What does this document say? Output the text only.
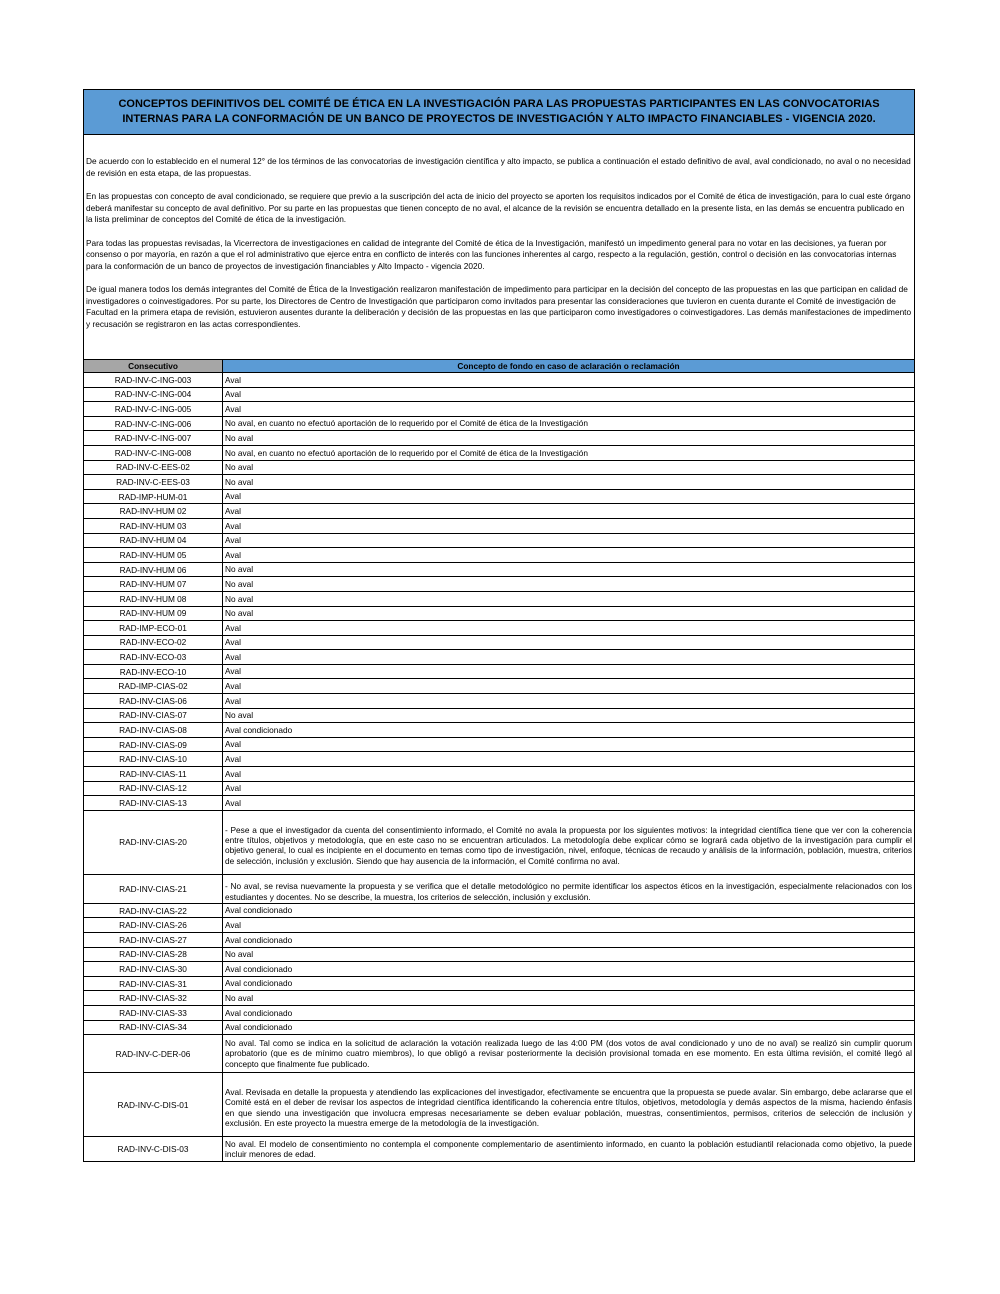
CONCEPTOS DEFINITIVOS DEL COMITÉ DE ÉTICA EN LA INVESTIGACIÓN PARA LAS PROPUESTAS PARTICIPANTES EN LAS CONVOCATORIAS
INTERNAS PARA LA CONFORMACIÓN DE UN BANCO DE PROYECTOS DE INVESTIGACIÓN Y ALTO IMPACTO FINANCIABLES - VIGENCIA 2020.

De acuerdo con lo establecido en el numeral 12° de los términos de las convocatorias de investigación científica y alto impacto, se publica a continuación el estado definitivo de aval, aval condicionado, no aval o no necesidad de revisión en esta etapa, de las propuestas.

En las propuestas con concepto de aval condicionado, se requiere que previo a la suscripción del acta de inicio del proyecto se aporten los requisitos indicados por el Comité de ética de investigación, para lo cual este órgano deberá manifestar su concepto de aval definitivo. Por su parte en las propuestas que tienen concepto de no aval, el alcance de la revisión se encuentra detallado en la presente lista, en las demás se encuentra publicado en la lista preliminar de conceptos del Comité de ética de la investigación.

Para todas las propuestas revisadas, la Vicerrectora de investigaciones en calidad de integrante del Comité de ética de la Investigación, manifestó un impedimento general para no votar en las decisiones, ya fueran por consenso o por mayoría, en razón a que el rol administrativo que ejerce entra en conflicto de interés con las funciones inherentes al cargo, respecto a la regulación, gestión, control o decisión en las convocatorias internas para la conformación de un banco de proyectos de investigación financiables y Alto Impacto - vigencia 2020.

De igual manera todos los demás integrantes del Comité de Ética de la Investigación realizaron manifestación de impedimento para participar en la decisión del concepto de las propuestas en las que participan en calidad de investigadores o coinvestigadores. Por su parte, los Directores de Centro de Investigación que participaron como invitados para presentar las consideraciones que tuvieron en cuenta durante el Comité de investigación de Facultad en la primera etapa de revisión, estuvieron ausentes durante la deliberación y decisión de las propuestas en las que participaron como investigadores o coinvestigadores. Las demás manifestaciones de impedimento y recusación se registraron en las actas correspondientes.

Consecutivo	Concepto de fondo en caso de aclaración o reclamación
RAD-INV-C-ING-003	Aval
RAD-INV-C-ING-004	Aval
RAD-INV-C-ING-005	Aval
RAD-INV-C-ING-006	No aval, en cuanto no efectuó aportación de lo requerido por el Comité de ética de la Investigación
RAD-INV-C-ING-007	No aval
RAD-INV-C-ING-008	No aval, en cuanto no efectuó aportación de lo requerido por el Comité de ética de la Investigación
RAD-INV-C-EES-02	No aval
RAD-INV-C-EES-03	No aval
RAD-IMP-HUM-01	Aval
RAD-INV-HUM 02	Aval
RAD-INV-HUM 03	Aval
RAD-INV-HUM 04	Aval
RAD-INV-HUM 05	Aval
RAD-INV-HUM 06	No aval
RAD-INV-HUM 07	No aval
RAD-INV-HUM 08	No aval
RAD-INV-HUM 09	No aval
RAD-IMP-ECO-01	Aval
RAD-INV-ECO-02	Aval
RAD-INV-ECO-03	Aval
RAD-INV-ECO-10	Aval
RAD-IMP-CIAS-02	Aval
RAD-INV-CIAS-06	Aval
RAD-INV-CIAS-07	No aval
RAD-INV-CIAS-08	Aval condicionado
RAD-INV-CIAS-09	Aval
RAD-INV-CIAS-10	Aval
RAD-INV-CIAS-11	Aval
RAD-INV-CIAS-12	Aval
RAD-INV-CIAS-13	Aval
RAD-INV-CIAS-20	- Pese a que el investigador da cuenta del consentimiento informado, el Comité no avala la propuesta por los siguientes motivos: la integridad científica tiene que ver con la coherencia entre títulos, objetivos y metodología, que en este caso no se encuentran articulados. La metodología debe explicar cómo se logrará cada objetivo de la investigación para cumplir el objetivo general, lo cual es incipiente en el documento en temas como tipo de investigación, nivel, enfoque, técnicas de recaudo y análisis de la información, población, muestra, criterios de selección, inclusión y exclusión. Siendo que hay ausencia de la información, el Comité confirma no aval.
RAD-INV-CIAS-21	- No aval, se revisa nuevamente la propuesta y se verifica que el detalle metodológico no permite identificar los aspectos éticos en la investigación, especialmente relacionados con los estudiantes y docentes. No se describe, la muestra, los criterios de selección, inclusión y exclusión.
RAD-INV-CIAS-22	Aval condicionado
RAD-INV-CIAS-26	Aval
RAD-INV-CIAS-27	Aval condicionado
RAD-INV-CIAS-28	No aval
RAD-INV-CIAS-30	Aval condicionado
RAD-INV-CIAS-31	Aval condicionado
RAD-INV-CIAS-32	No aval
RAD-INV-CIAS-33	Aval condicionado
RAD-INV-CIAS-34	Aval condicionado
RAD-INV-C-DER-06	No aval. Tal como se indica en la solicitud de aclaración la votación realizada luego de las 4:00 PM (dos votos de aval condicionado y uno de no aval) se realizó sin cumplir quorum aprobatorio (que es de mínimo cuatro miembros), lo que obligó a revisar posteriormente la decisión provisional tomada en ese momento. En esta última revisión, el comité llegó al concepto que finalmente fue publicado.
RAD-INV-C-DIS-01	Aval. Revisada en detalle la propuesta y atendiendo las explicaciones del investigador, efectivamente se encuentra que la propuesta se puede avalar. Sin embargo, debe aclararse que el Comité está en el deber de revisar los aspectos de integridad científica identificando la coherencia entre títulos, objetivos, metodología y demás aspectos de la misma, haciendo énfasis en que siendo una investigación que involucra empresas necesariamente se deben evaluar población, muestras, consentimientos, permisos, criterios de selección de inclusión y exclusión. En este proyecto la muestra emerge de la metodología de la investigación.
RAD-INV-C-DIS-03	No aval. El modelo de consentimiento no contempla el componente complementario de asentimiento informado, en cuanto la población estudiantil relacionada como objetivo, la puede incluir menores de edad.
